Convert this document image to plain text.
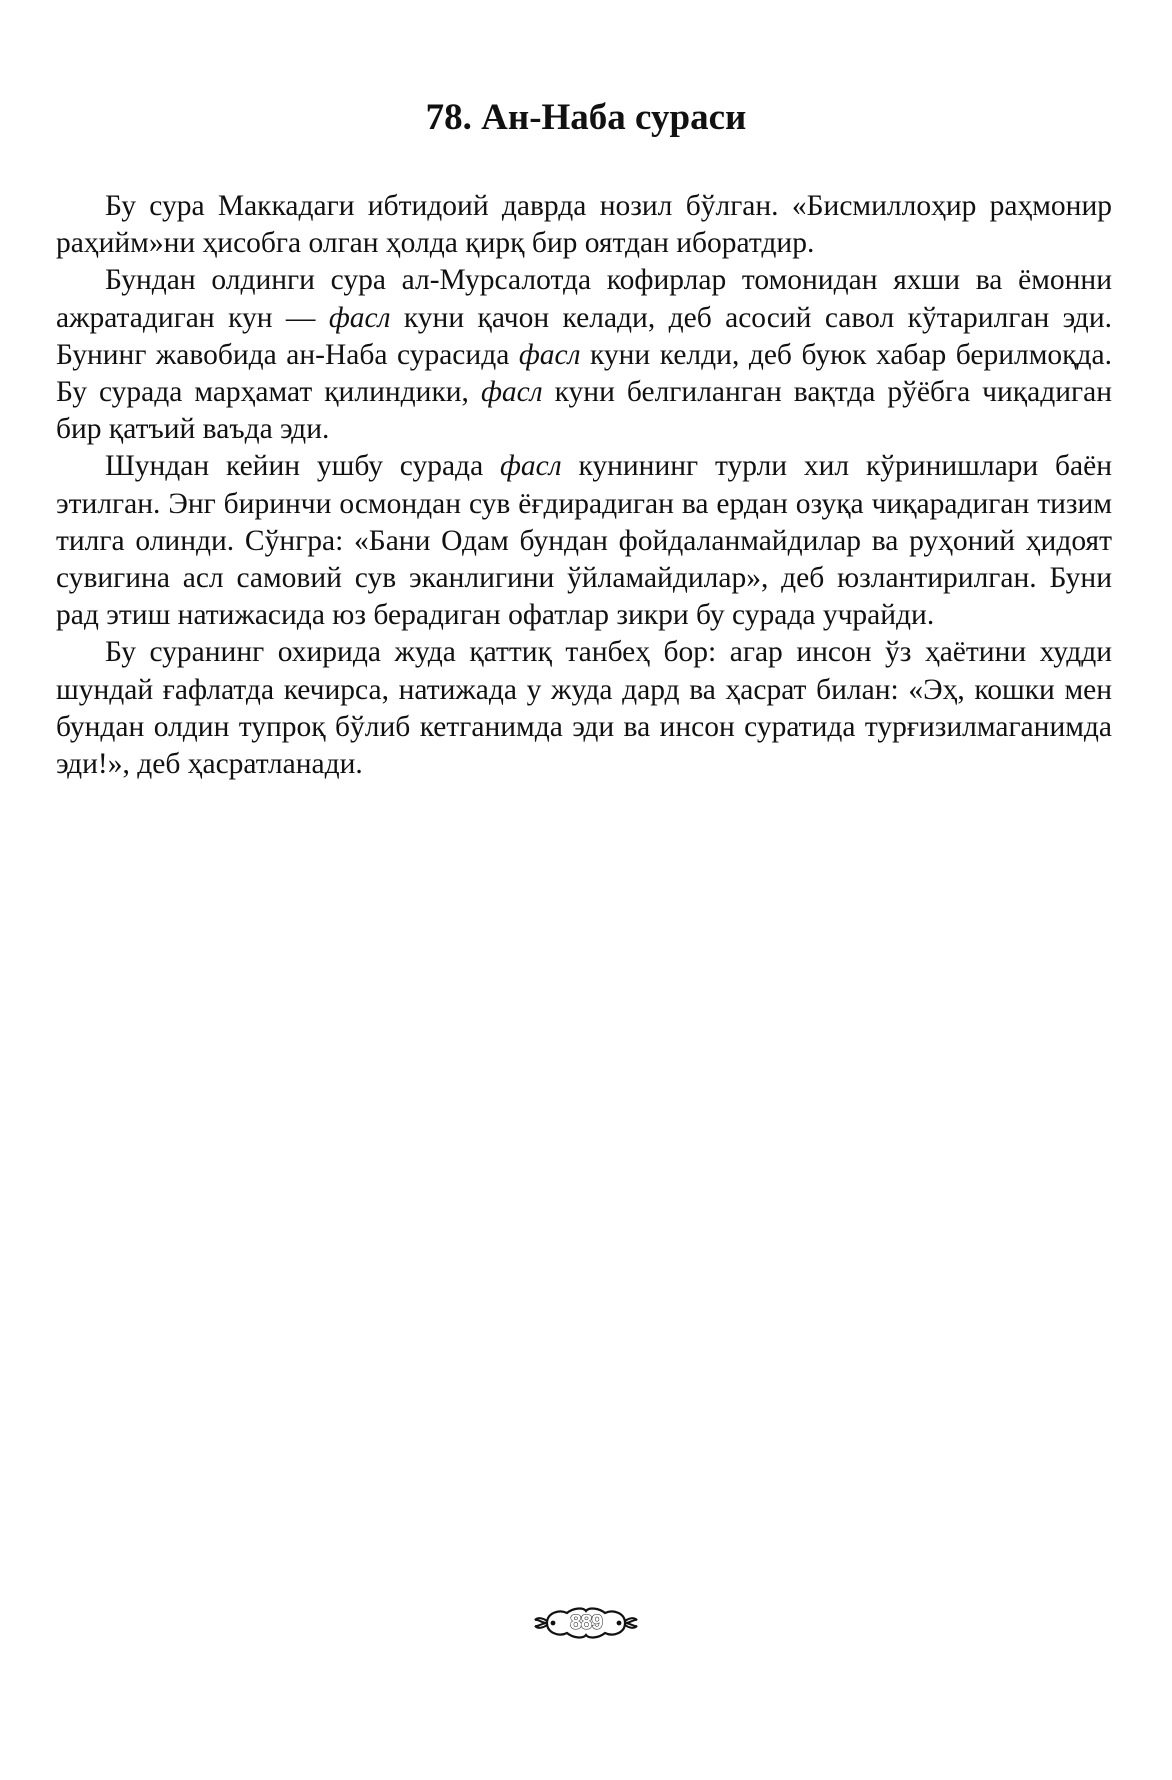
78. Ан-Наба сураси

Бу сура Маккадаги ибтидоий даврда нозил бўлган. «Бисмиллоҳир раҳмонир раҳийм»ни ҳисобга олган ҳолда қирқ бир оятдан иборатдир.

Бундан олдинги сура ал-Мурсалотда кофирлар томонидан яхши ва ёмонни ажратадиган кун — фасл куни қачон келади, деб асосий савол кўтарилган эди. Бунинг жавобида ан-Наба сурасида фасл куни келди, деб буюк хабар берилмоқда. Бу сурада марҳамат қилиндики, фасл куни белгиланган вақтда рўёбга чиқадиган бир қатъий ваъда эди.

Шундан кейин ушбу сурада фасл кунининг турли хил кўринишлари баён этилган. Энг биринчи осмондан сув ёғдирадиган ва ердан озуқа чиқарадиган тизим тилга олинди. Сўнгра: «Бани Одам бундан фойдаланмайдилар ва руҳоний ҳидоят сувигина асл самовий сув эканлигини ўйламайдилар», деб юзлантирилган. Буни рад этиш натижасида юз берадиган офатлар зикри бу сурада учрайди.

Бу суранинг охирида жуда қаттиқ танбеҳ бор: агар инсон ўз ҳаётини худди шундай ғафлатда кечирса, натижада у жуда дард ва ҳасрат билан: «Эҳ, кошки мен бундан олдин тупроқ бўлиб кетганимда эди ва инсон суратида турғизилмаганимда эди!», деб ҳасратланади.

889
